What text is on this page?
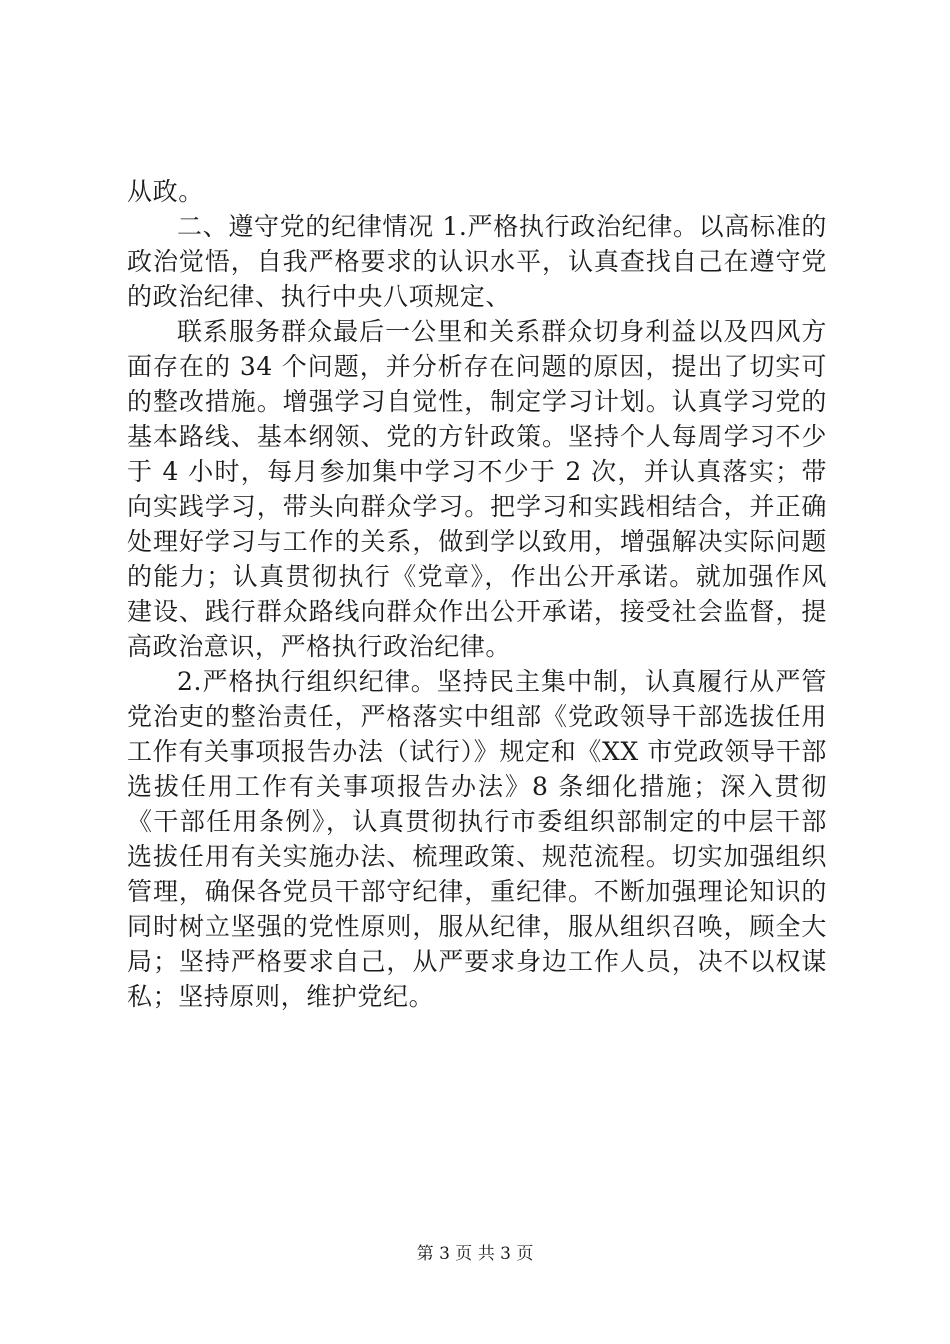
从政。
二、遵守党的纪律情况 1.严格执行政治纪律。以高标准的
政治觉悟，自我严格要求的认识水平，认真查找自己在遵守党
的政治纪律、执行中央八项规定、
联系服务群众最后一公里和关系群众切身利益以及四风方
面存在的 34 个问题，并分析存在问题的原因，提出了切实可
的整改措施。增强学习自觉性，制定学习计划。认真学习党的
基本路线、基本纲领、党的方针政策。坚持个人每周学习不少
于 4 小时，每月参加集中学习不少于 2 次，并认真落实；带
向实践学习，带头向群众学习。把学习和实践相结合，并正确
处理好学习与工作的关系，做到学以致用，增强解决实际问题
的能力；认真贯彻执行《党章》，作出公开承诺。就加强作风
建设、践行群众路线向群众作出公开承诺，接受社会监督，提
高政治意识，严格执行政治纪律。
2.严格执行组织纪律。坚持民主集中制，认真履行从严管
党治吏的整治责任，严格落实中组部《党政领导干部选拔任用
工作有关事项报告办法（试行）》规定和《XX 市党政领导干部
选拔任用工作有关事项报告办法》8 条细化措施；深入贯彻
《干部任用条例》，认真贯彻执行市委组织部制定的中层干部
选拔任用有关实施办法、梳理政策、规范流程。切实加强组织
管理，确保各党员干部守纪律，重纪律。不断加强理论知识的
同时树立坚强的党性原则，服从纪律，服从组织召唤，顾全大
局；坚持严格要求自己，从严要求身边工作人员，决不以权谋
私；坚持原则，维护党纪。
第 3 页 共 3 页
